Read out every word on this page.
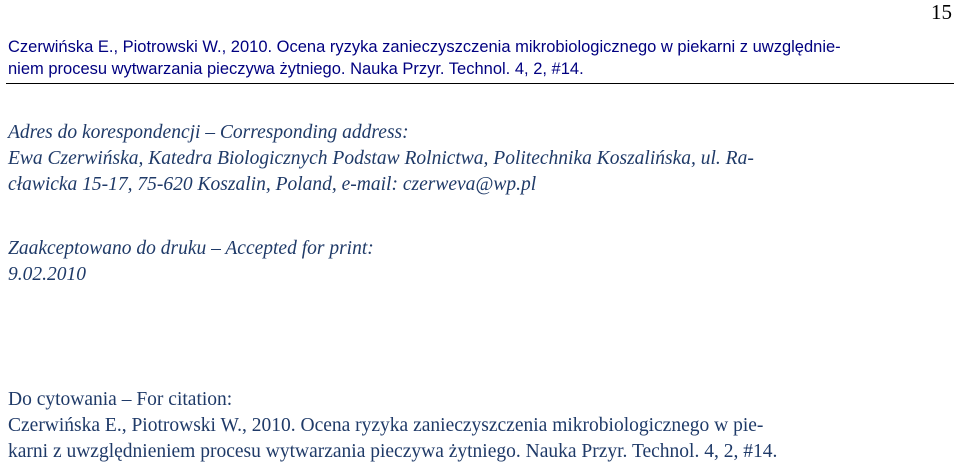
15
Czerwińska E., Piotrowski W., 2010. Ocena ryzyka zanieczyszczenia mikrobiologicznego w piekarni z uwzględnie-
niem procesu wytwarzania pieczywa żytniego. Nauka Przyr. Technol. 4, 2, #14.
Adres do korespondencji – Corresponding address:
Ewa Czerwińska, Katedra Biologicznych Podstaw Rolnictwa, Politechnika Koszalińska, ul. Ra-
cławicka 15-17, 75-620 Koszalin, Poland, e-mail: czerweva@wp.pl
Zaakceptowano do druku – Accepted for print:
9.02.2010
Do cytowania – For citation:
Czerwińska E., Piotrowski W., 2010. Ocena ryzyka zanieczyszczenia mikrobiologicznego w pie-
karni z uwzględnieniem procesu wytwarzania pieczywa żytniego. Nauka Przyr. Technol. 4, 2, #14.
